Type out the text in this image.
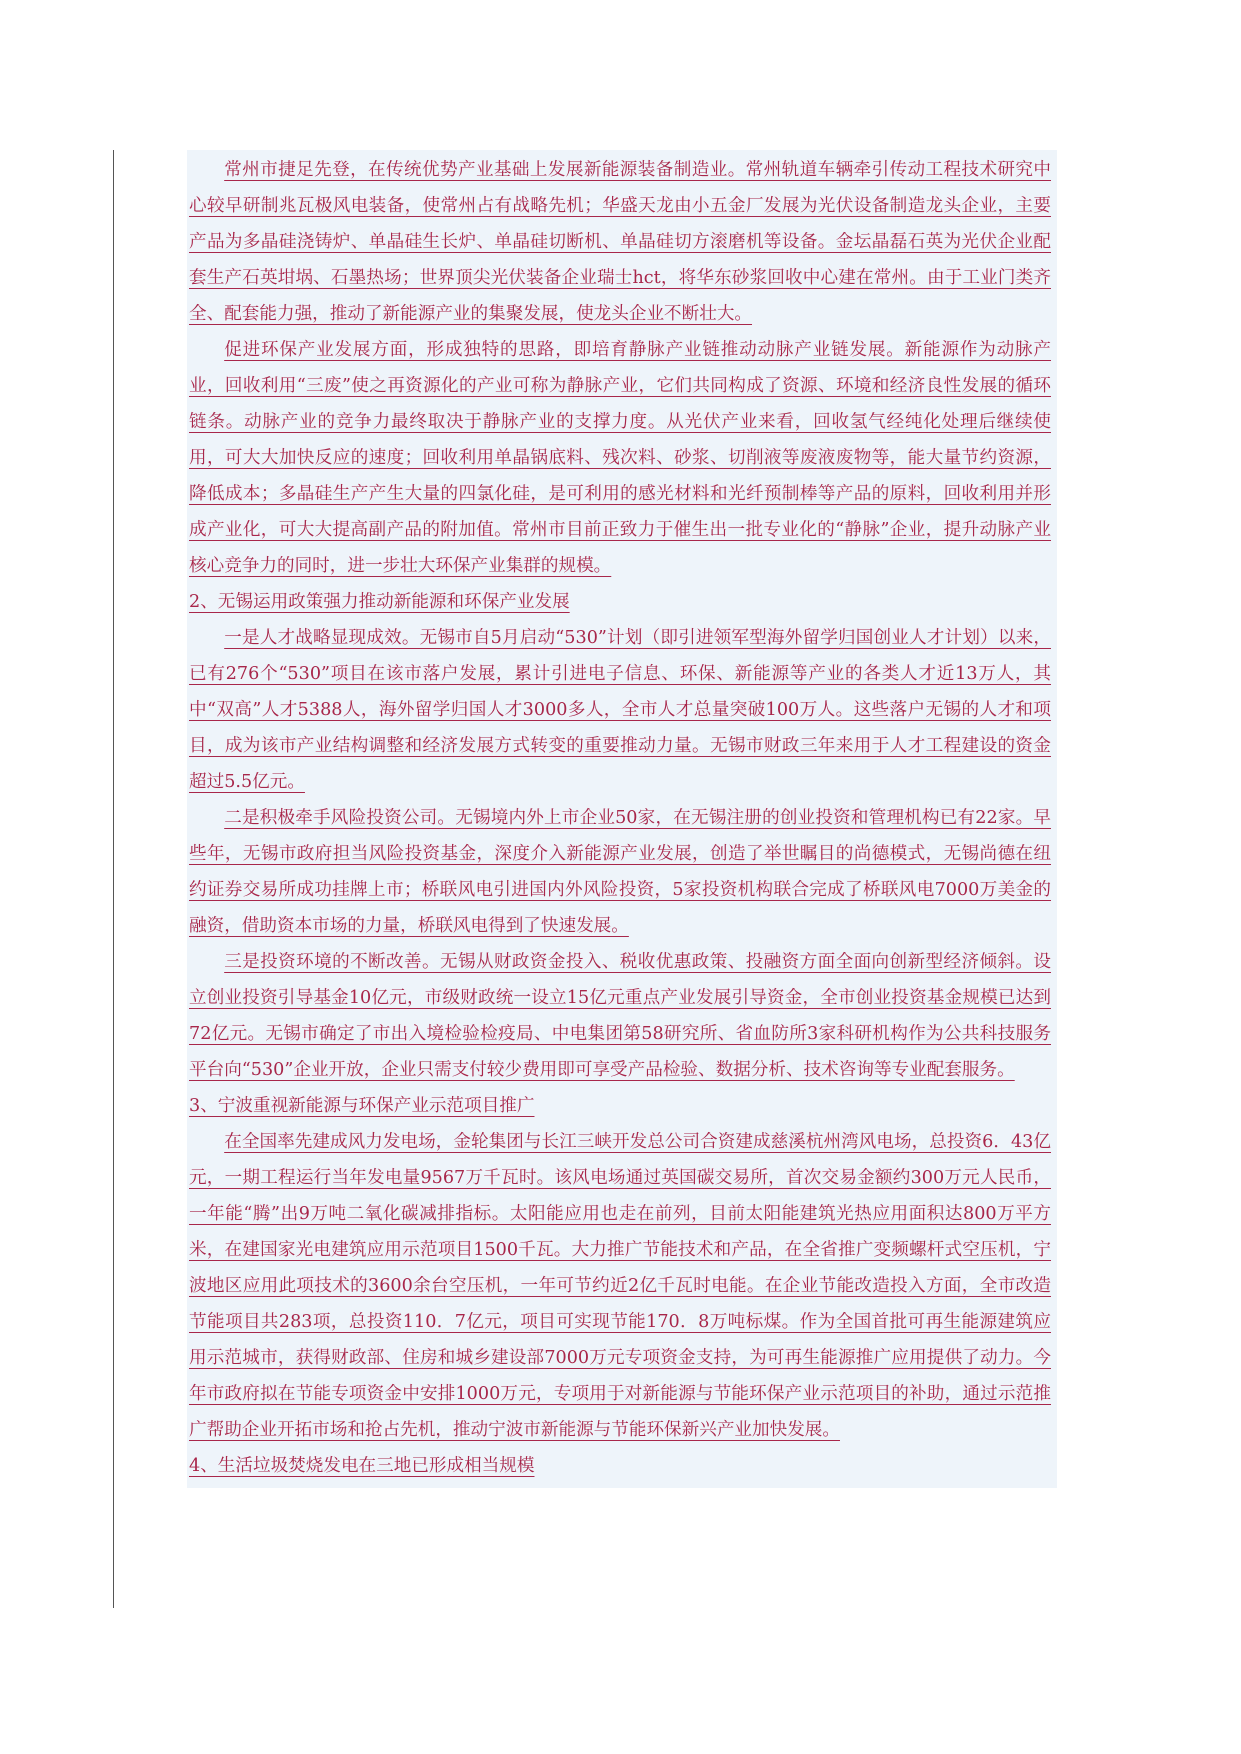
常州市捷足先登，在传统优势产业基础上发展新能源装备制造业。常州轨道车辆牵引传动工程技术研究中心较早研制兆瓦极风电装备，使常州占有战略先机；华盛天龙由小五金厂发展为光伏设备制造龙头企业，主要产品为多晶硅浇铸炉、单晶硅生长炉、单晶硅切断机、单晶硅切方滚磨机等设备。金坛晶磊石英为光伏企业配套生产石英坩埚、石墨热场；世界顶尖光伏装备企业瑞士hct，将华东砂浆回收中心建在常州。由于工业门类齐全、配套能力强，推动了新能源产业的集聚发展，使龙头企业不断壮大。

促进环保产业发展方面，形成独特的思路，即培育静脉产业链推动动脉产业链发展。新能源作为动脉产业，回收利用“三废”使之再资源化的产业可称为静脉产业，它们共同构成了资源、环境和经济良性发展的循环链条。动脉产业的竞争力最终取决于静脉产业的支撑力度。从光伏产业来看，回收氢气经纯化处理后继续使用，可大大加快反应的速度；回收利用单晶锅底料、残次料、砂浆、切削液等废液废物等，能大量节约资源，降低成本；多晶硅生产产生大量的四氯化硅，是可利用的感光材料和光纤预制棒等产品的原料，回收利用并形成产业化，可大大提高副产品的附加值。常州市目前正致力于催生出一批专业化的“静脉”企业，提升动脉产业核心竞争力的同时，进一步壮大环保产业集群的规模。

2、无锡运用政策强力推动新能源和环保产业发展

一是人才战略显现成效。无锡市自5月启动“530”计划（即引进领军型海外留学归国创业人才计划）以来，已有276个“530”项目在该市落户发展，累计引进电子信息、环保、新能源等产业的各类人才近13万人，其中“双高”人才5388人，海外留学归国人才3000多人，全市人才总量突破100万人。这些落户无锡的人才和项目，成为该市产业结构调整和经济发展方式转变的重要推动力量。无锡市财政三年来用于人才工程建设的资金超过5.5亿元。

二是积极牵手风险投资公司。无锡境内外上市企业50家，在无锡注册的创业投资和管理机构已有22家。早些年，无锡市政府担当风险投资基金，深度介入新能源产业发展，创造了举世瞩目的尚德模式，无锡尚德在纽约证券交易所成功挂牌上市；桥联风电引进国内外风险投资，5家投资机构联合完成了桥联风电7000万美金的融资，借助资本市场的力量，桥联风电得到了快速发展。

三是投资环境的不断改善。无锡从财政资金投入、税收优惠政策、投融资方面全面向创新型经济倾斜。设立创业投资引导基金10亿元，市级财政统一设立15亿元重点产业发展引导资金，全市创业投资基金规模已达到72亿元。无锡市确定了市出入境检验检疫局、中电集团第58研究所、省血防所3家科研机构作为公共科技服务平台向“530”企业开放，企业只需支付较少费用即可享受产品检验、数据分析、技术咨询等专业配套服务。

3、宁波重视新能源与环保产业示范项目推广

在全国率先建成风力发电场，金轮集团与长江三峡开发总公司合资建成慈溪杭州湾风电场，总投资6．43亿元，一期工程运行当年发电量9567万千瓦时。该风电场通过英国碳交易所，首次交易金额约300万元人民币，一年能“腾”出9万吨二氧化碳减排指标。太阳能应用也走在前列，目前太阳能建筑光热应用面积达800万平方米，在建国家光电建筑应用示范项目1500千瓦。大力推广节能技术和产品，在全省推广变频螺杆式空压机，宁波地区应用此项技术的3600余台空压机，一年可节约近2亿千瓦时电能。在企业节能改造投入方面，全市改造节能项目共283项，总投资110．7亿元，项目可实现节能170．8万吨标煤。作为全国首批可再生能源建筑应用示范城市，获得财政部、住房和城乡建设部7000万元专项资金支持，为可再生能源推广应用提供了动力。今年市政府拟在节能专项资金中安排1000万元，专项用于对新能源与节能环保产业示范项目的补助，通过示范推广帮助企业开拓市场和抢占先机，推动宁波市新能源与节能环保新兴产业加快发展。

4、生活垃圾焚烧发电在三地已形成相当规模
